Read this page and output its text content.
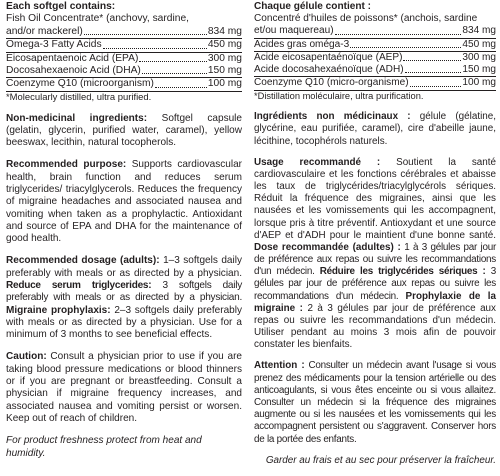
Each softgel contains:
Fish Oil Concentrate* (anchovy, sardine,
and/or mackerel)	834 mg
Omega-3 Fatty Acids	450 mg
Eicosapentaenoic Acid (EPA)	300 mg
Docosahexaenoic Acid (DHA)	150 mg
Coenzyme Q10 (microorganism)	100 mg
*Molecularly distilled, ultra purified.

Non-medicinal ingredients: Softgel capsule (gelatin, glycerin, purified water, caramel), yellow beeswax, lecithin, natural tocopherols.

Recommended purpose: Supports cardiovascular health, brain function and reduces serum triglycerides/ triacylglycerols. Reduces the frequency of migraine headaches and associated nausea and vomiting when taken as a prophylactic. Antioxidant and source of EPA and DHA for the maintenance of good health.

Recommended dosage (adults): 1–3 softgels daily preferably with meals or as directed by a physician. Reduce serum triglycerides: 3 softgels daily preferably with meals or as directed by a physician. Migraine prophylaxis: 2–3 softgels daily preferably with meals or as directed by a physician. Use for a minimum of 3 months to see beneficial effects.

Caution: Consult a physician prior to use if you are taking blood pressure medications or blood thinners or if you are pregnant or breastfeeding. Consult a physician if migraine frequency increases, and associated nausea and vomiting persist or worsen. Keep out of reach of children.

For product freshness protect from heat and humidity.
Chaque gélule contient :
Concentré d'huiles de poissons* (anchois, sardine
et/ou maquereau)	834 mg
Acides gras oméga-3	450 mg
Acide eicosapentaénoïque (AEP)	300 mg
Acide docosahexaénoïque (ADH)	150 mg
Coenzyme Q10 (micro-organisme)	100 mg
*Distillation moléculaire, ultra purification.

Ingrédients non médicinaux : gélule (gélatine, glycérine, eau purifiée, caramel), cire d'abeille jaune, lécithine, tocophérols naturels.

Usage recommandé : Soutient la santé cardiovasculaire et les fonctions cérébrales et abaisse les taux de triglycérides/triacylglycérols sériques. Réduit la fréquence des migraines, ainsi que les nausées et les vomissements qui les accompagnent, lorsque pris à titre préventif. Antioxydant et une source d'AEP et d'ADH pour le maintient d'une bonne santé. Dose recommandée (adultes) : 1 à 3 gélules par jour de préférence aux repas ou suivre les recommandations d'un médecin. Réduire les triglycérides sériques : 3 gélules par jour de préférence aux repas ou suivre les recommandations d'un médecin. Prophylaxie de la migraine : 2 à 3 gélules par jour de préférence aux repas ou suivre les recommandations d'un médecin. Utiliser pendant au moins 3 mois afin de pouvoir constater les bienfaits.

Attention : Consulter un médecin avant l'usage si vous prenez des médicaments pour la tension artérielle ou des anticoagulants, si vous êtes enceinte ou si vous allaitez. Consulter un médecin si la fréquence des migraines augmente ou si les nausées et les vomissements qui les accompagnent persistent ou s'aggravent. Conserver hors de la portée des enfants.

Garder au frais et au sec pour préserver la fraîcheur.
